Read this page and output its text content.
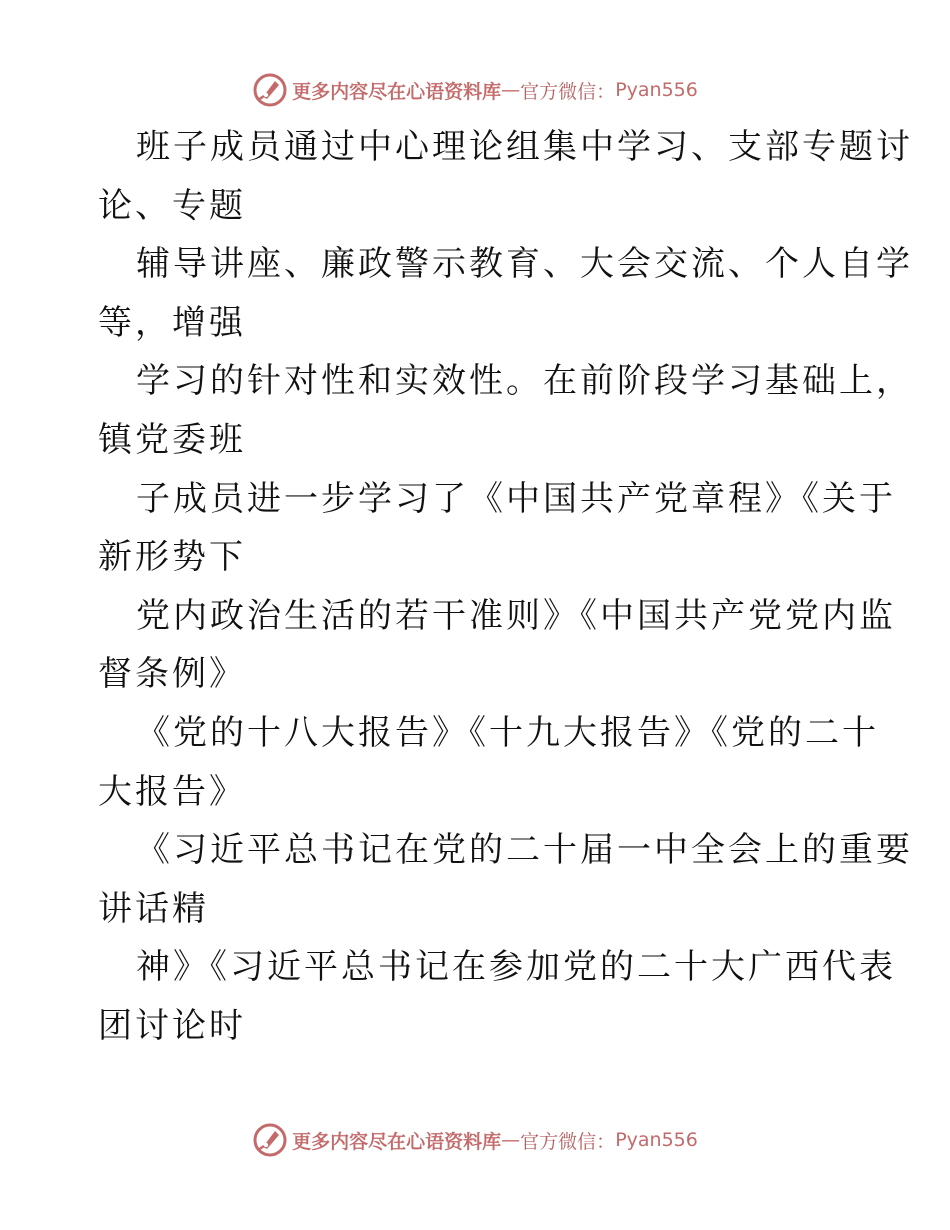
更多内容尽在心语资料库 — 官方微信： Pyan556

班子成员通过中心理论组集中学习、支部专题讨

论、专题

辅导讲座、廉政警示教育、大会交流、个人自学

等，增强

学习的针对性和实效性。在前阶段学习基础上，

镇党委班

子成员进一步学习了《中国共产党章程》《关于

新形势下

党内政治生活的若干准则》《中国共产党党内监

督条例》

《党的十八大报告》《十九大报告》《党的二十

大报告》

《习近平总书记在党的二十届一中全会上的重要

讲话精

神》《习近平总书记在参加党的二十大广西代表

团讨论时

更多内容尽在心语资料库 — 官方微信： Pyan556
